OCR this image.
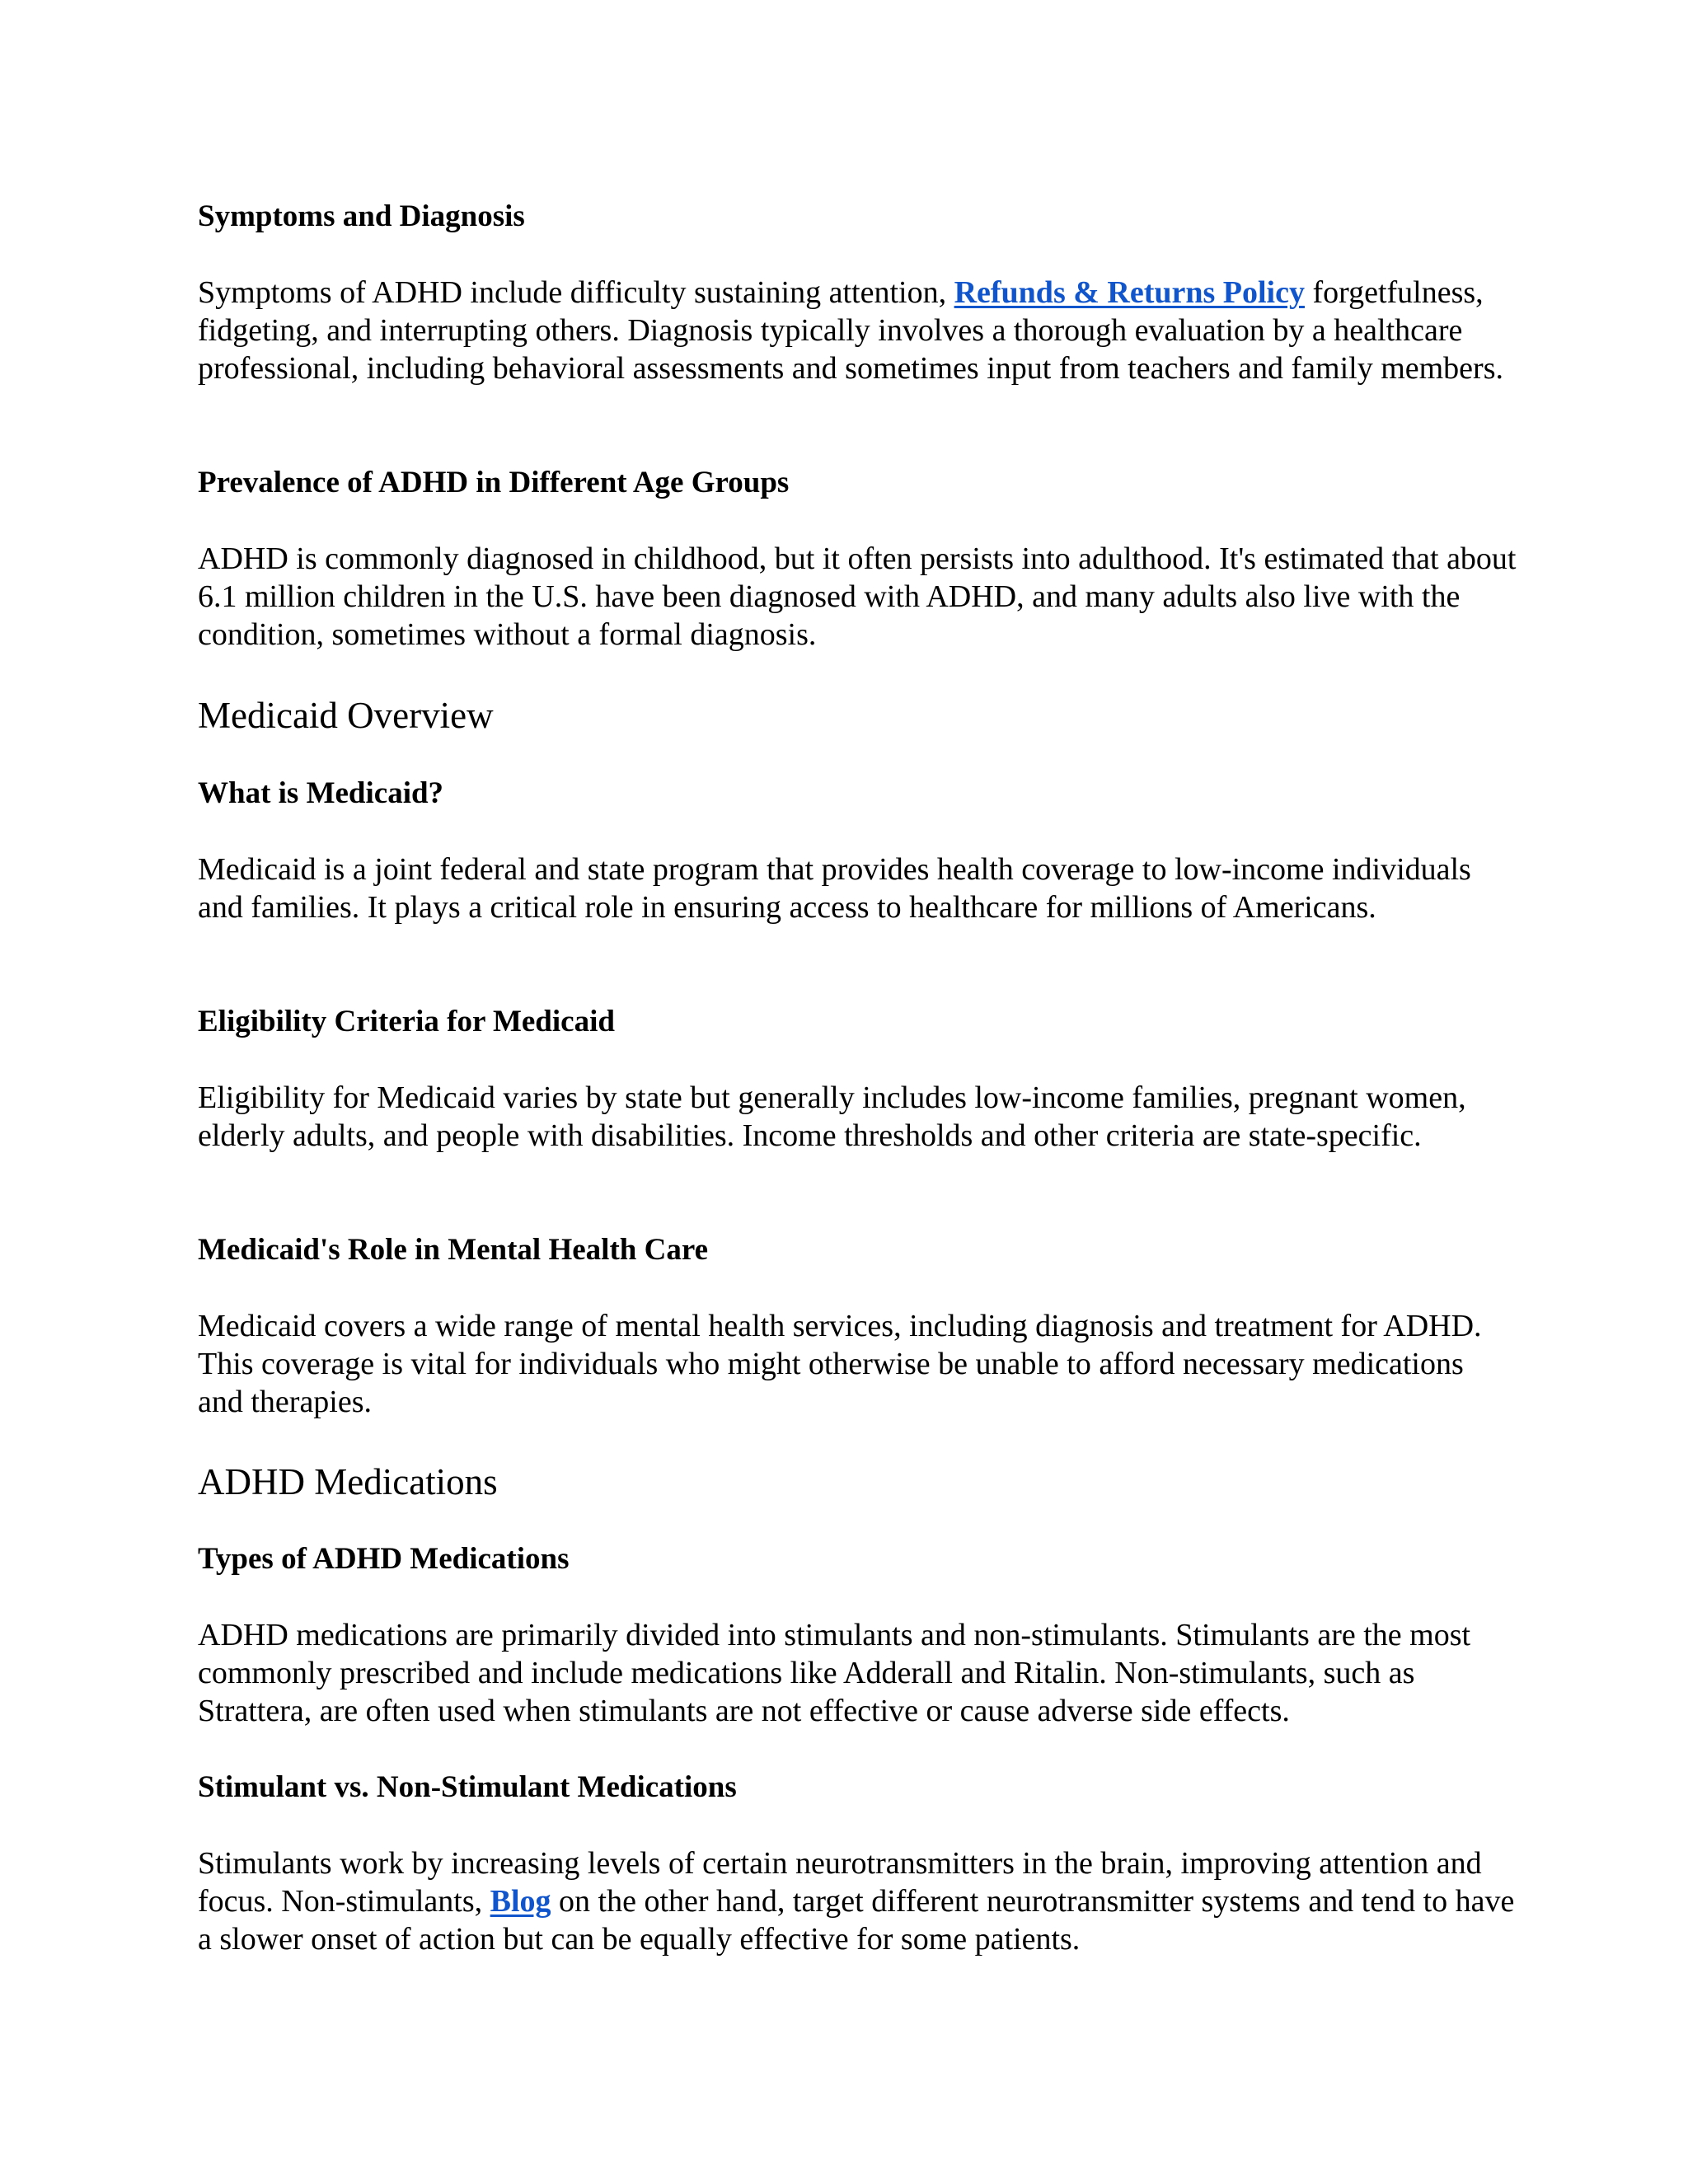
Symptoms and Diagnosis

Symptoms of ADHD include difficulty sustaining attention, Refunds & Returns Policy forgetfulness, fidgeting, and interrupting others. Diagnosis typically involves a thorough evaluation by a healthcare professional, including behavioral assessments and sometimes input from teachers and family members.

Prevalence of ADHD in Different Age Groups

ADHD is commonly diagnosed in childhood, but it often persists into adulthood. It's estimated that about 6.1 million children in the U.S. have been diagnosed with ADHD, and many adults also live with the condition, sometimes without a formal diagnosis.

Medicaid Overview
What is Medicaid?

Medicaid is a joint federal and state program that provides health coverage to low-income individuals and families. It plays a critical role in ensuring access to healthcare for millions of Americans.

Eligibility Criteria for Medicaid

Eligibility for Medicaid varies by state but generally includes low-income families, pregnant women, elderly adults, and people with disabilities. Income thresholds and other criteria are state-specific.

Medicaid's Role in Mental Health Care

Medicaid covers a wide range of mental health services, including diagnosis and treatment for ADHD. This coverage is vital for individuals who might otherwise be unable to afford necessary medications and therapies.

ADHD Medications
Types of ADHD Medications

ADHD medications are primarily divided into stimulants and non-stimulants. Stimulants are the most commonly prescribed and include medications like Adderall and Ritalin. Non-stimulants, such as Strattera, are often used when stimulants are not effective or cause adverse side effects.

Stimulant vs. Non-Stimulant Medications

Stimulants work by increasing levels of certain neurotransmitters in the brain, improving attention and focus. Non-stimulants, Blog on the other hand, target different neurotransmitter systems and tend to have a slower onset of action but can be equally effective for some patients.
